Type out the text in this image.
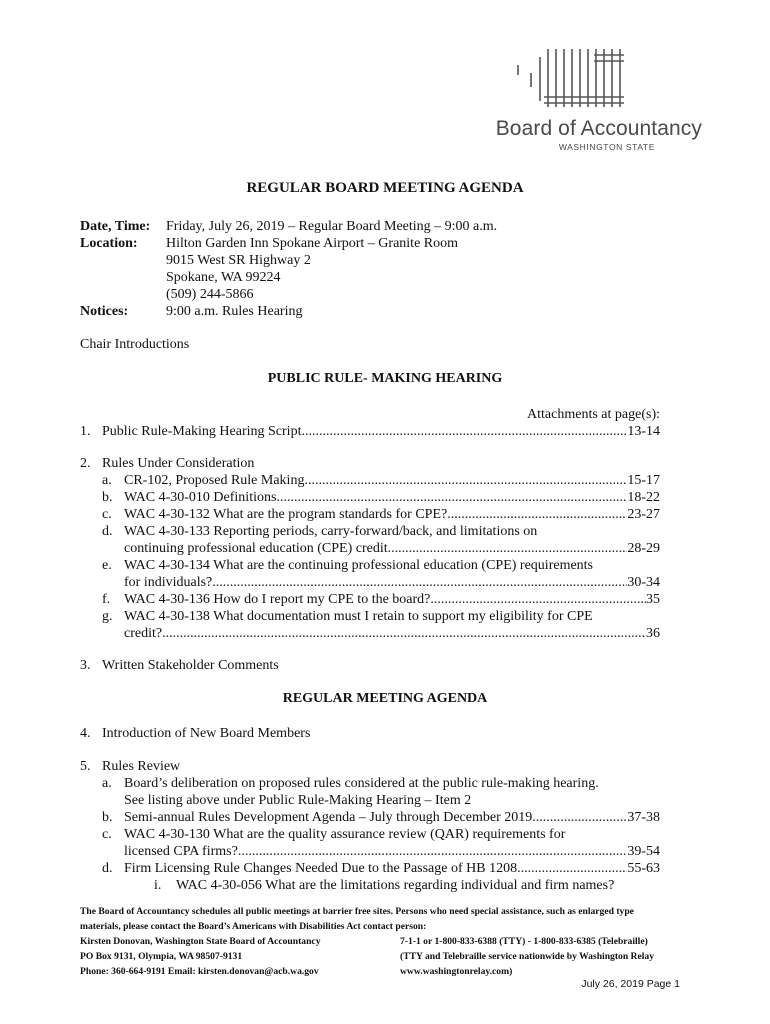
Board of Accountancy
WASHINGTON STATE
REGULAR BOARD MEETING AGENDA
Date, Time:	Friday, July 26, 2019 – Regular Board Meeting – 9:00 a.m.
Location:	Hilton Garden Inn Spokane Airport – Granite Room
9015 West SR Highway 2
Spokane, WA 99224
(509) 244-5866
Notices:	9:00 a.m. Rules Hearing
Chair Introductions
PUBLIC RULE- MAKING HEARING
Attachments at page(s):
1. Public Rule-Making Hearing Script .....	13-14
2. Rules Under Consideration
a. CR-102, Proposed Rule Making .....	15-17
b. WAC 4-30-010 Definitions .....	18-22
c. WAC 4-30-132 What are the program standards for CPE? .....	23-27
d. WAC 4-30-133 Reporting periods, carry-forward/back, and limitations on
continuing professional education (CPE) credit .....	28-29
e. WAC 4-30-134 What are the continuing professional education (CPE) requirements
for individuals? .....	30-34
f. WAC 4-30-136 How do I report my CPE to the board? .....	35
g. WAC 4-30-138 What documentation must I retain to support my eligibility for CPE
credit? .....	36
3. Written Stakeholder Comments
REGULAR MEETING AGENDA
4. Introduction of New Board Members
5. Rules Review
a. Board’s deliberation on proposed rules considered at the public rule-making hearing.
See listing above under Public Rule-Making Hearing – Item 2
b. Semi-annual Rules Development Agenda – July through December 2019 .....	37-38
c. WAC 4-30-130 What are the quality assurance review (QAR) requirements for
licensed CPA firms? .....	39-54
d. Firm Licensing Rule Changes Needed Due to the Passage of HB 1208 .....	55-63
i.	WAC 4-30-056 What are the limitations regarding individual and firm names?
The Board of Accountancy schedules all public meetings at barrier free sites. Persons who need special assistance, such as enlarged type
materials, please contact the Board’s Americans with Disabilities Act contact person:
Kirsten Donovan, Washington State Board of Accountancy
PO Box 9131, Olympia, WA 98507-9131
Phone: 360-664-9191 Email: kirsten.donovan@acb.wa.gov
7-1-1 or 1-800-833-6388 (TTY) - 1-800-833-6385 (Telebraille)
(TTY and Telebraille service nationwide by Washington Relay
www.washingtonrelay.com)
July 26, 2019 Page 1
